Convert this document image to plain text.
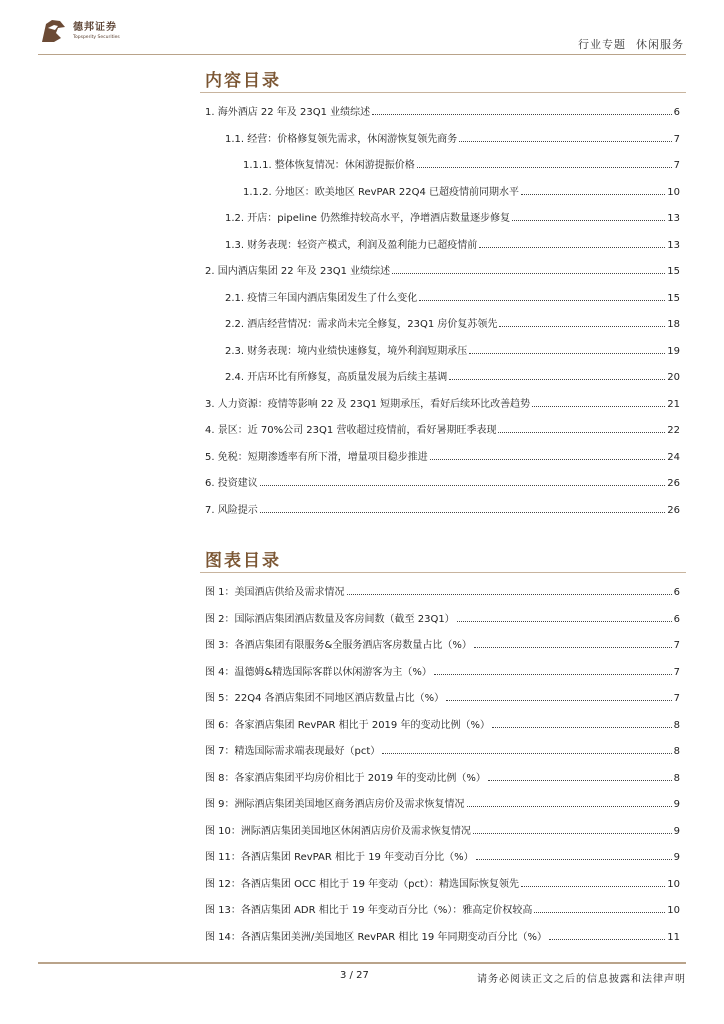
德邦证券
Topsperity Securities
行业专题 休闲服务
内容目录
1. 海外酒店 22 年及 23Q1 业绩综述	6
1.1. 经营：价格修复领先需求，休闲游恢复领先商务	7
1.1.1. 整体恢复情况：休闲游提振价格	7
1.1.2. 分地区：欧美地区 RevPAR 22Q4 已超疫情前同期水平	10
1.2. 开店：pipeline 仍然维持较高水平，净增酒店数量逐步修复	13
1.3. 财务表现：轻资产模式，利润及盈利能力已超疫情前	13
2. 国内酒店集团 22 年及 23Q1 业绩综述	15
2.1. 疫情三年国内酒店集团发生了什么变化	15
2.2. 酒店经营情况：需求尚未完全修复，23Q1 房价复苏领先	18
2.3. 财务表现：境内业绩快速修复，境外利润短期承压	19
2.4. 开店环比有所修复，高质量发展为后续主基调	20
3. 人力资源：疫情等影响 22 及 23Q1 短期承压，看好后续环比改善趋势	21
4. 景区：近 70%公司 23Q1 营收超过疫情前，看好暑期旺季表现	22
5. 免税：短期渗透率有所下滑，增量项目稳步推进	24
6. 投资建议	26
7. 风险提示	26
图表目录
图 1：美国酒店供给及需求情况	6
图 2：国际酒店集团酒店数量及客房间数（截至 23Q1）	6
图 3：各酒店集团有限服务&全服务酒店客房数量占比（%）	7
图 4：温德姆&精选国际客群以休闲游客为主（%）	7
图 5：22Q4 各酒店集团不同地区酒店数量占比（%）	7
图 6：各家酒店集团 RevPAR 相比于 2019 年的变动比例（%）	8
图 7：精选国际需求端表现最好（pct）	8
图 8：各家酒店集团平均房价相比于 2019 年的变动比例（%）	8
图 9：洲际酒店集团美国地区商务酒店房价及需求恢复情况	9
图 10：洲际酒店集团美国地区休闲酒店房价及需求恢复情况	9
图 11：各酒店集团 RevPAR 相比于 19 年变动百分比（%）	9
图 12：各酒店集团 OCC 相比于 19 年变动（pct）：精选国际恢复领先	10
图 13：各酒店集团 ADR 相比于 19 年变动百分比（%）：雅高定价权较高	10
图 14：各酒店集团美洲/美国地区 RevPAR 相比 19 年同期变动百分比（%）	11
3 / 27	请务必阅读正文之后的信息披露和法律声明
